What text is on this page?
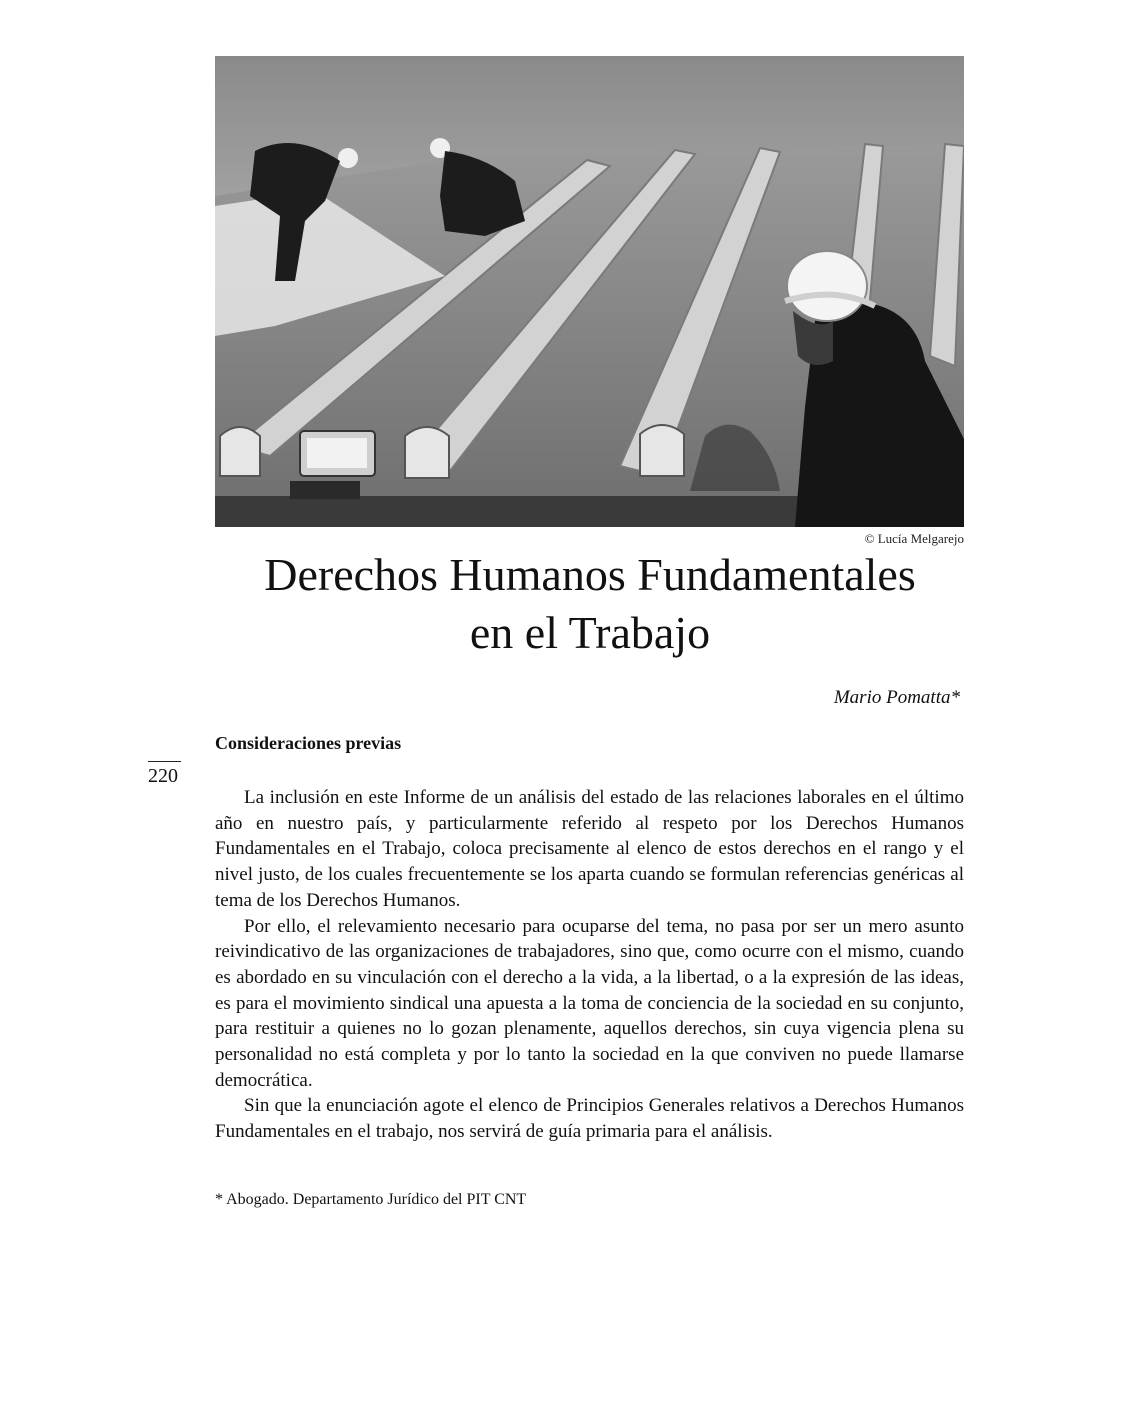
© Lucía Melgarejo
Derechos Humanos Fundamentales
en el Trabajo
Mario Pomatta*
Consideraciones previas
220

La inclusión en este Informe de un análisis del estado de las relaciones laborales en el último año en nuestro país, y particularmente referido al respeto por los Derechos Humanos Fundamentales en el Trabajo, coloca precisamente al elenco de estos derechos en el rango y el nivel justo, de los cuales frecuentemente se los aparta cuando se formulan referencias genéricas al tema de los Derechos Humanos.

Por ello, el relevamiento necesario para ocuparse del tema, no pasa por ser un mero asunto reivindicativo de las organizaciones de trabajadores, sino que, como ocurre con el mismo, cuando es abordado en su vinculación con el derecho a la vida, a la libertad, o a la expresión de las ideas, es para el movimiento sindical una apuesta a la toma de conciencia de la sociedad en su conjunto, para restituir a quienes no lo gozan plenamente, aquellos derechos, sin cuya vigencia plena su personalidad no está completa y por lo tanto la sociedad en la que conviven no puede llamarse democrática.

Sin que la enunciación agote el elenco de Principios Generales relativos a Derechos Humanos Fundamentales en el trabajo, nos servirá de guía primaria para el análisis.

* Abogado. Departamento Jurídico del PIT CNT
